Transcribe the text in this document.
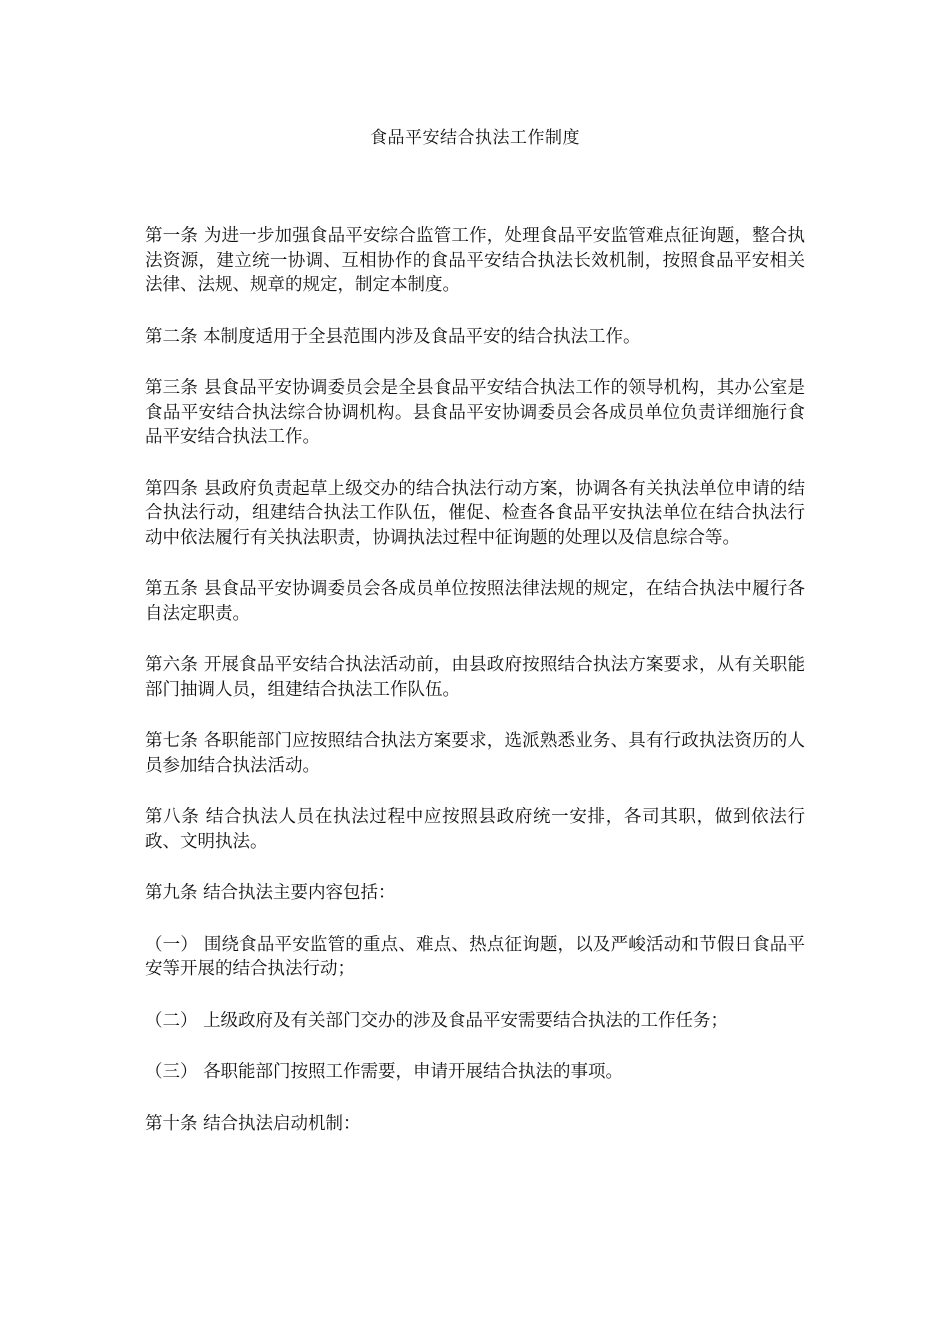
食品平安结合执法工作制度

第一条 为进一步加强食品平安综合监管工作，处理食品平安监管难点征询题，整合执法资源，建立统一协调、互相协作的食品平安结合执法长效机制，按照食品平安相关法律、法规、规章的规定，制定本制度。

第二条 本制度适用于全县范围内涉及食品平安的结合执法工作。

第三条 县食品平安协调委员会是全县食品平安结合执法工作的领导机构，其办公室是食品平安结合执法综合协调机构。县食品平安协调委员会各成员单位负责详细施行食品平安结合执法工作。

第四条 县政府负责起草上级交办的结合执法行动方案，协调各有关执法单位申请的结合执法行动，组建结合执法工作队伍，催促、检查各食品平安执法单位在结合执法行动中依法履行有关执法职责，协调执法过程中征询题的处理以及信息综合等。

第五条 县食品平安协调委员会各成员单位按照法律法规的规定，在结合执法中履行各自法定职责。

第六条 开展食品平安结合执法活动前，由县政府按照结合执法方案要求，从有关职能部门抽调人员，组建结合执法工作队伍。

第七条 各职能部门应按照结合执法方案要求，选派熟悉业务、具有行政执法资历的人员参加结合执法活动。

第八条 结合执法人员在执法过程中应按照县政府统一安排，各司其职，做到依法行政、文明执法。

第九条 结合执法主要内容包括：

（一） 围绕食品平安监管的重点、难点、热点征询题，以及严峻活动和节假日食品平安等开展的结合执法行动；

（二） 上级政府及有关部门交办的涉及食品平安需要结合执法的工作任务；

（三） 各职能部门按照工作需要，申请开展结合执法的事项。

第十条 结合执法启动机制：
